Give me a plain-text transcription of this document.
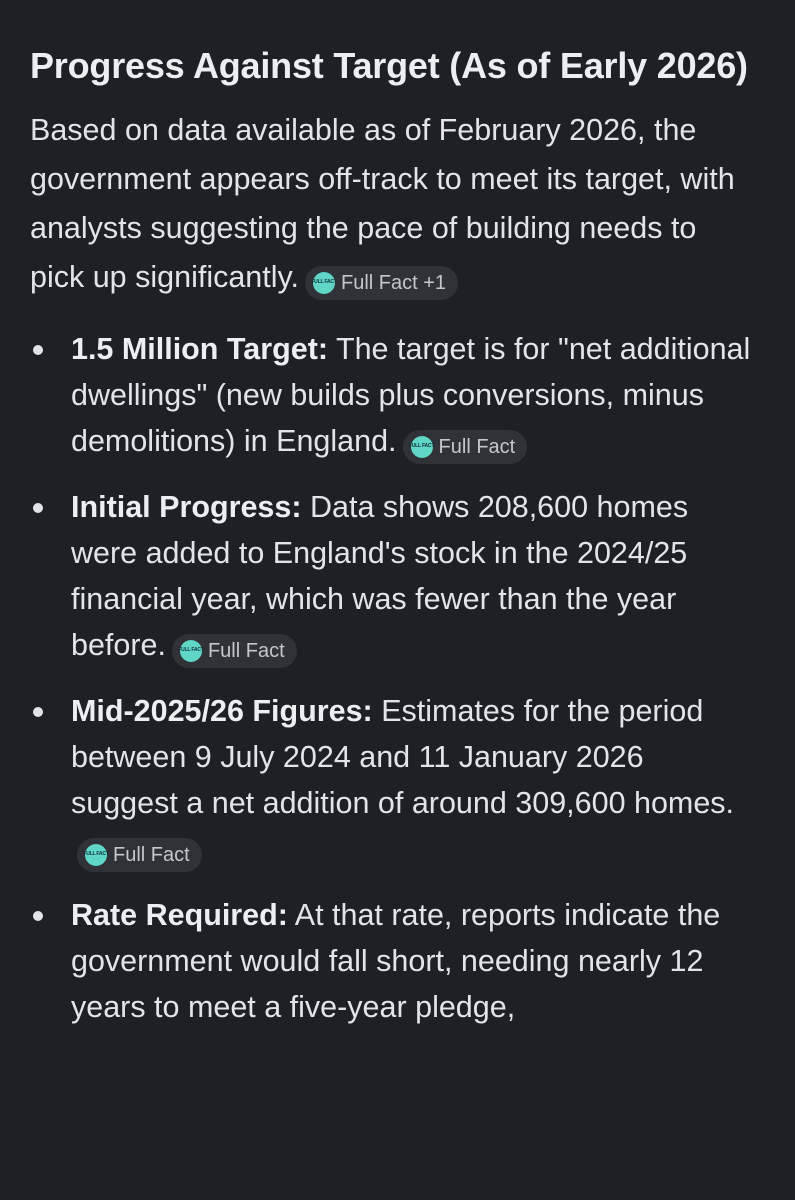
Progress Against Target (As of Early 2026)

Based on data available as of February 2026, the government appears off-track to meet its target, with analysts suggesting the pace of building needs to pick up significantly. FULL FACT Full Fact +1

1.5 Million Target: The target is for "net additional dwellings" (new builds plus conversions, minus demolitions) in England. FULL FACT Full Fact
Initial Progress: Data shows 208,600 homes were added to England's stock in the 2024/25 financial year, which was fewer than the year before. FULL FACT Full Fact
Mid-2025/26 Figures: Estimates for the period between 9 July 2024 and 11 January 2026 suggest a net addition of around 309,600 homes.
FULL FACT Full Fact
Rate Required: At that rate, reports indicate the government would fall short, needing nearly 12 years to meet a five-year pledge,
